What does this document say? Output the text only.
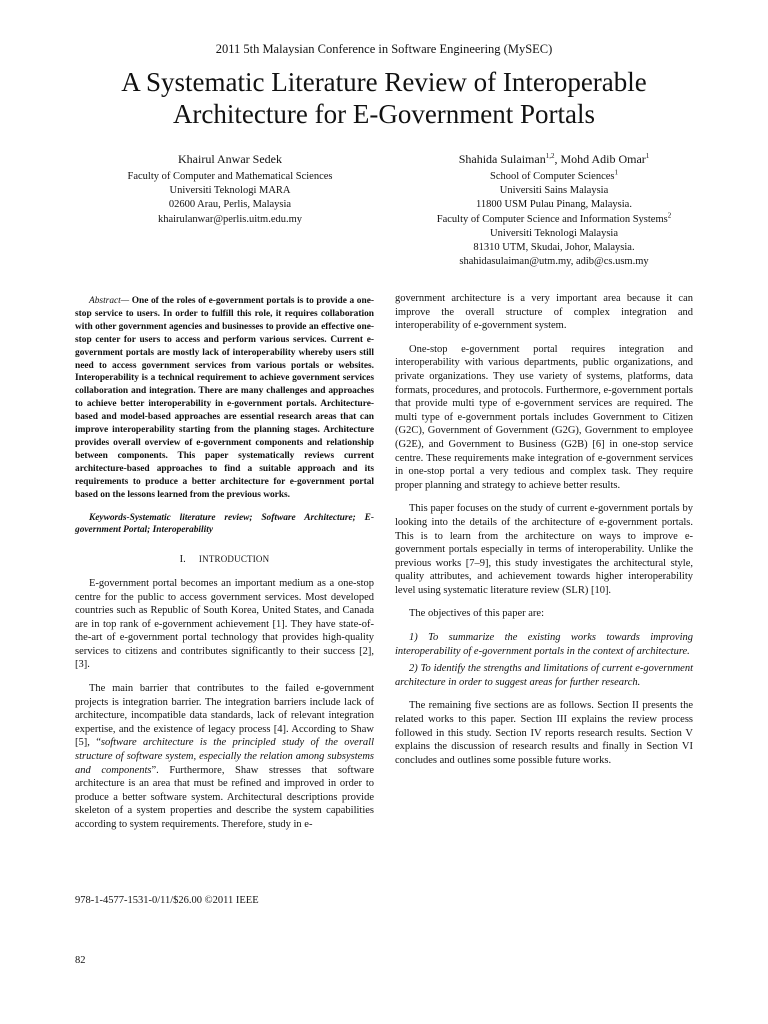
2011 5th Malaysian Conference in Software Engineering (MySEC)
A Systematic Literature Review of Interoperable
Architecture for E-Government Portals
Khairul Anwar Sedek
Faculty of Computer and Mathematical Sciences
Universiti Teknologi MARA
02600 Arau, Perlis, Malaysia
khairulanwar@perlis.uitm.edu.my
Shahida Sulaiman$^{1,2}$, Mohd Adib Omar$^1$
School of Computer Sciences$^1$
Universiti Sains Malaysia
11800 USM Pulau Pinang, Malaysia.
Faculty of Computer Science and Information Systems$^2$
Universiti Teknologi Malaysia
81310 UTM, Skudai, Johor, Malaysia.
shahidasulaiman@utm.my, adib@cs.usm.my

Abstract— One of the roles of e-government portals is to provide a one-stop service to users. In order to fulfill this role, it requires collaboration with other government agencies and businesses to provide an effective one-stop center for users to access and perform various services. Current e-government portals are mostly lack of interoperability whereby users still need to access government services from various portals or websites. Interoperability is a technical requirement to achieve government services collaboration and integration. There are many challenges and approaches to achieve better interoperability in e-government portals. Architecture-based and model-based approaches are essential research areas that can improve interoperability starting from the planning stages. Architecture provides overall overview of e-government components and relationship between components. This paper systematically reviews current architecture-based approaches to find a suitable approach and its requirements to produce a better architecture for e-government portal based on the lessons learned from the previous works.

Keywords-Systematic literature review; Software Architecture; E-government Portal; Interoperability

I. INTRODUCTION

E-government portal becomes an important medium as a one-stop centre for the public to access government services. Most developed countries such as Republic of South Korea, United States, and Canada are in top rank of e-government achievement [1]. They have state-of-the-art of e-government portal technology that provides high-quality services to citizens and contributes significantly to their success [2], [3].

The main barrier that contributes to the failed e-government projects is integration barrier. The integration barriers include lack of architecture, incompatible data standards, lack of relevant integration expertise, and the existence of legacy process [4]. According to Shaw [5], “software architecture is the principled study of the overall structure of software system, especially the relation among subsystems and components”. Furthermore, Shaw stresses that software architecture is an area that must be refined and improved in order to produce a better software system. Architectural descriptions provide skeleton of a system properties and describe the system capabilities according to system requirements. Therefore, study in e-

government architecture is a very important area because it can improve the overall structure of complex integration and interoperability of e-government system.

One-stop e-government portal requires integration and interoperability with various departments, public organizations, and private organizations. They use variety of systems, platforms, data formats, procedures, and protocols. Furthermore, e-government portals that provide multi type of e-government services are required. The multi type of e-government portals includes Government to Citizen (G2C), Government of Government (G2G), Government to employee (G2E), and Government to Business (G2B) [6] in one-stop service centre. These requirements make integration of e-government services in one-stop portal a very tedious and complex task. They require proper planning and strategy to achieve better results.

This paper focuses on the study of current e-government portals by looking into the details of the architecture of e-government portals. This is to learn from the architecture on ways to improve e-government portals especially in terms of interoperability. Unlike the previous works [7–9], this study investigates the architectural style, quality attributes, and achievement towards higher interoperability level using systematic literature review (SLR) [10].

The objectives of this paper are:

1) To summarize the existing works towards improving interoperability of e-government portals in the context of architecture.

2) To identify the strengths and limitations of current e-government architecture in order to suggest areas for further research.

The remaining five sections are as follows. Section II presents the related works to this paper. Section III explains the review process followed in this study. Section IV reports research results. Section V explains the discussion of research results and finally in Section VI concludes and outlines some possible future works.

978-1-4577-1531-0/11/$26.00 ©2011 IEEE
82
